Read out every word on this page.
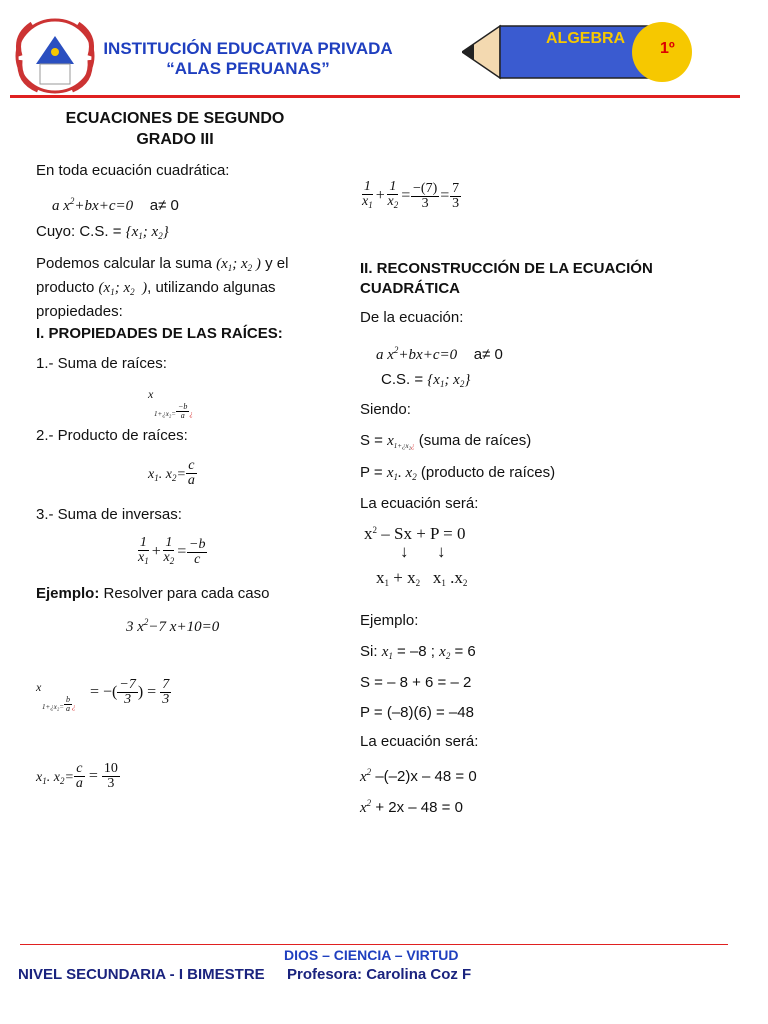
INSTITUCIÓN EDUCATIVA PRIVADA
“ALAS PERUANAS”
ALGEBRA
1º
ECUACIONES DE SEGUNDO
GRADO III
En toda ecuación cuadrática:
a $x^2+bx+c=0$ a≠ 0
Cuyo: C.S. = {$x_1$; $x_2$}
Podemos calcular la suma ($x_1$; $x_2$ ) y el
producto ($x_1$; $x_2$  ), utilizando algunas
propiedades:
I. PROPIEDADES DE LAS RAÍCES:
1.- Suma de raíces:
x
1+¿x₂= $\frac{-b}{a}$ ¿
2.- Producto de raíces:
$x_1$. $x_2= \frac{c}{a}$
3.- Suma de inversas:
$\frac{1}{x_1} + \frac{1}{x_2} = \frac{-b}{c}$
Ejemplo: Resolver para cada caso
3 $x^2-7$ x+10=0
x
1+¿x₂= $\frac{b}{a}$ ¿
= −( $\frac{-7}{3}$ ) = $\frac{7}{3}$
$x_1$. $x_2= \frac{c}{a} = \frac{10}{3}$
$\frac{1}{x_1} + \frac{1}{x_2} = \frac{-(7)}{3} = \frac{7}{3}$
II. RECONSTRUCCIÓN DE LA ECUACIÓN
CUADRÁTICA
De la ecuación:
a $x^2+bx+c=0$ a≠ 0
C.S. = {$x_1$; $x_2$}
Siendo:
$S = x_{1+¿x_2¿}$ (suma de raíces)
$P = x_1$. $x_2$ (producto de raíces)
La ecuación será:
$x^2 - Sx + P = 0$
↓ ↓
$x_1 + x_2$   $x_1$ $.x_2$
Ejemplo:
Si: $x_1 = -8$ ; $x_2 = 6$
S = – 8 + 6 = – 2
P = (–8)(6) = –48
La ecuación será:
$x^2$ –(–2)x – 48 = 0
$x^2 + 2x - 48 = 0$
DIOS – CIENCIA – VIRTUD
NIVEL SECUNDARIA - I BIMESTRE Profesora: Carolina Coz F
